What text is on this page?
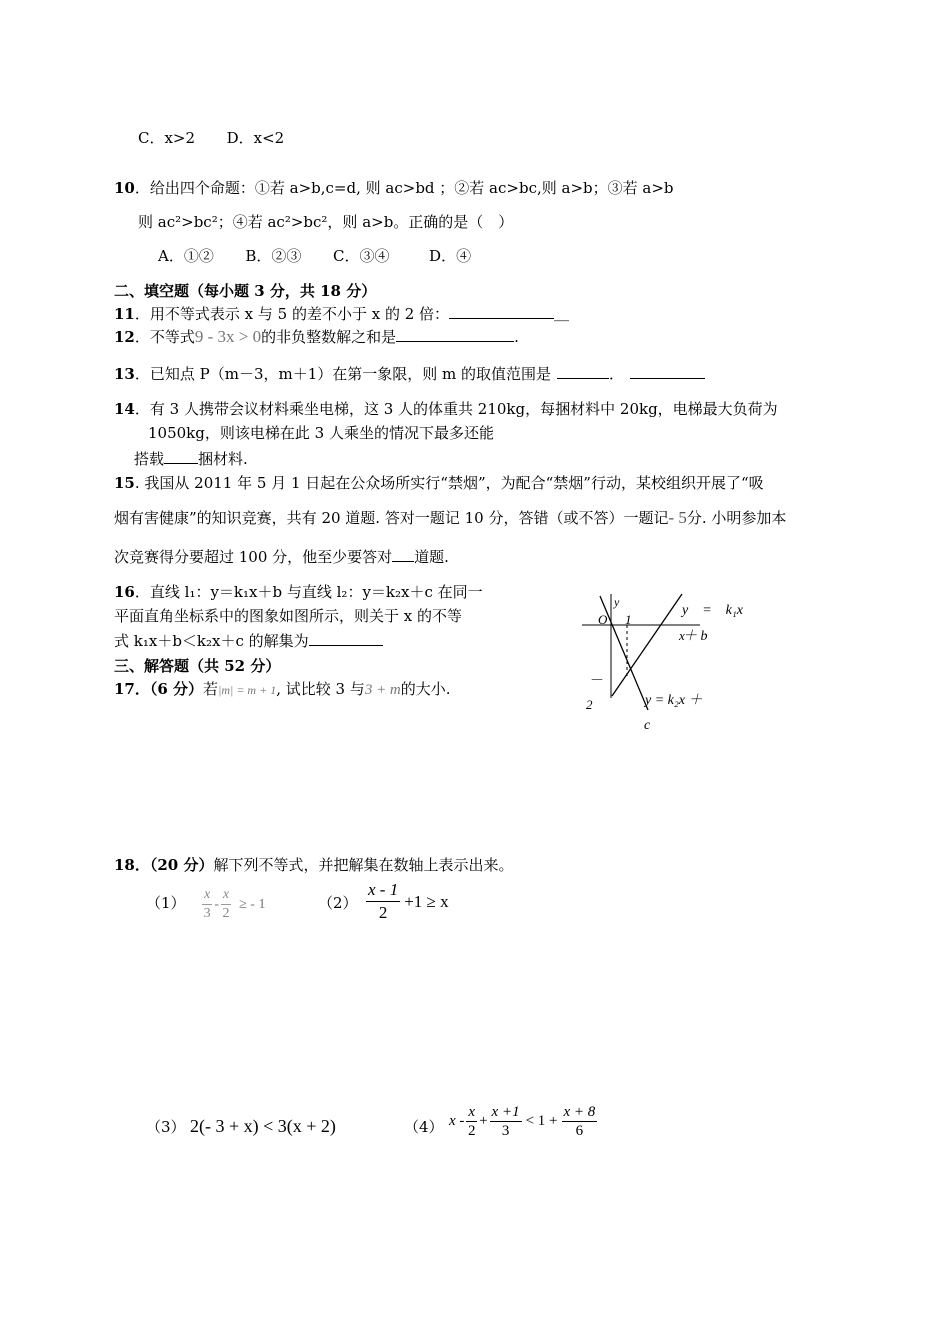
C．x>2 D．x<2
10．给出四个命题：①若 a>b,c=d, 则 ac>bd ；②若 ac>bc,则 a>b；③若 a>b
则 ac²>bc²；④若 ac²>bc²，则 a>b。正确的是（　）
A．①② B．②③ C．③④	D．④
二、填空题（每小题 3 分，共 18 分）
11．用不等式表示 x 与 5 的差不小于 x 的 2 倍：	＿
12．不等式9 - 3x > 0的非负整数解之和是	.
13．已知点 P（m－3，m＋1）在第一象限，则 m 的取值范围是	．
14．有 3 人携带会议材料乘坐电梯，这 3 人的体重共 210kg，每捆材料中 20kg，电梯最大负荷为
1050kg，则该电梯在此 3 人乘坐的情况下最多还能
搭载 捆材料.
15. 我国从 2011 年 5 月 1 日起在公众场所实行“禁烟”，为配合“禁烟”行动，某校组织开展了“吸
烟有害健康”的知识竞赛，共有 20 道题. 答对一题记 10 分，答错（或不答）一题记- 5分. 小明参加本
次竞赛得分要超过 100 分，他至少要答对 道题.
16．直线 l₁：y＝k₁x＋b 与直线 l₂：y＝k₂x＋c 在同一
平面直角坐标系中的图象如图所示，则关于 x 的不等
式 k₁x＋b＜k₂x＋c 的解集为
y
O 1
x
y　=　k₁x
＋ b
－
2	y = k₂x ＋
c
三、解答题（共 52 分）
17．（6 分）若|m| = m + 1, 试比较 3 与3 + m的大小.
18．（20 分）解下列不等式，并把解集在数轴上表示出来。
$(1) \frac{x}{3} - \frac{x}{2}$ ≥ - 1	$(2) \frac{x - 1}{2} +1 \ge x$
（3） 2(- 3 + x) < 3(x + 2)	（4） $x - \frac{x}{2} + \frac{x +1}{3} < 1 + \frac{x + 8}{6}$
